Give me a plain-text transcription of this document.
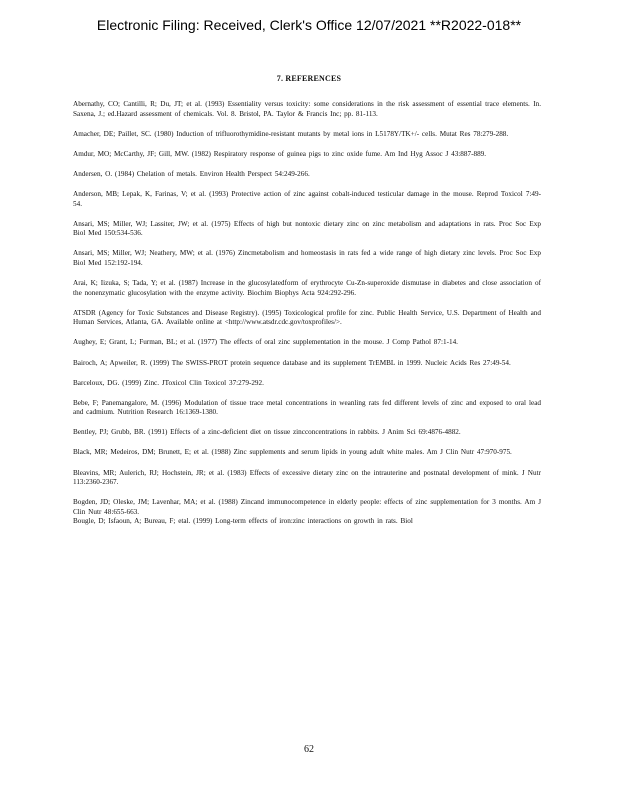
Electronic Filing: Received, Clerk's Office 12/07/2021 **R2022-018**
7. REFERENCES

Abernathy, CO; Cantilli, R; Du, JT; et al. (1993) Essentiality versus toxicity: some considerations in the risk assessment of essential trace elements. In. Saxena, J.; ed.Hazard assessment of chemicals. Vol. 8. Bristol, PA. Taylor & Francis Inc; pp. 81-113.

Amacher, DE; Paillet, SC. (1980) Induction of trifluorothymidine-resistant mutants by metal ions in L5178Y/TK+/- cells. Mutat Res 78:279-288.

Amdur, MO; McCarthy, JF; Gill, MW. (1982) Respiratory response of guinea pigs to zinc oxide fume. Am Ind Hyg Assoc J 43:887-889.

Andersen, O. (1984) Chelation of metals. Environ Health Perspect 54:249-266.

Anderson, MB; Lepak, K, Farinas, V; et al. (1993) Protective action of zinc against cobalt-induced testicular damage in the mouse. Reprod Toxicol 7:49-54.

Ansari, MS; Miller, WJ; Lassiter, JW; et al. (1975) Effects of high but nontoxic dietary zinc on zinc metabolism and adaptations in rats. Proc Soc Exp Biol Med 150:534-536.

Ansari, MS; Miller, WJ; Neathery, MW; et al. (1976) Zincmetabolism and homeostasis in rats fed a wide range of high dietary zinc levels. Proc Soc Exp Biol Med 152:192-194.

Arai, K; Iizuka, S; Tada, Y; et al. (1987) Increase in the glucosylatedform of erythrocyte Cu-Zn-superoxide dismutase in diabetes and close association of the nonenzymatic glucosylation with the enzyme activity. Biochim Biophys Acta 924:292-296.

ATSDR (Agency for Toxic Substances and Disease Registry). (1995) Toxicological profile for zinc. Public Health Service, U.S. Department of Health and Human Services, Atlanta, GA. Available online at <http://www.atsdr.cdc.gov/toxprofiles/>.

Aughey, E; Grant, L; Furman, BL; et al. (1977) The effects of oral zinc supplementation in the mouse. J Comp Pathol 87:1-14.

Bairoch, A; Apweiler, R. (1999) The SWISS-PROT protein sequence database and its supplement TrEMBL in 1999. Nucleic Acids Res 27:49-54.

Barceloux, DG. (1999) Zinc. JToxicol Clin Toxicol 37:279-292.

Bebe, F; Panemangalore, M. (1996) Modulation of tissue trace metal concentrations in weanling rats fed different levels of zinc and exposed to oral lead and cadmium. Nutrition Research 16:1369-1380.

Bentley, PJ; Grubb, BR. (1991) Effects of a zinc-deficient diet on tissue zincconcentrations in rabbits. J Anim Sci 69:4876-4882.

Black, MR; Medeiros, DM; Brunett, E; et al. (1988) Zinc supplements and serum lipids in young adult white males. Am J Clin Nutr 47:970-975.

Bleavins, MR; Aulerich, RJ; Hochstein, JR; et al. (1983) Effects of excessive dietary zinc on the intrauterine and postnatal development of mink. J Nutr 113:2360-2367.

Bogden, JD; Oleske, JM; Lavenhar, MA; et al. (1988) Zincand immunocompetence in elderly people: effects of zinc supplementation for 3 months. Am J Clin Nutr 48:655-663.

Bougle, D; Isfaoun, A; Bureau, F; etal. (1999) Long-term effects of iron:zinc interactions on growth in rats. Biol

62
